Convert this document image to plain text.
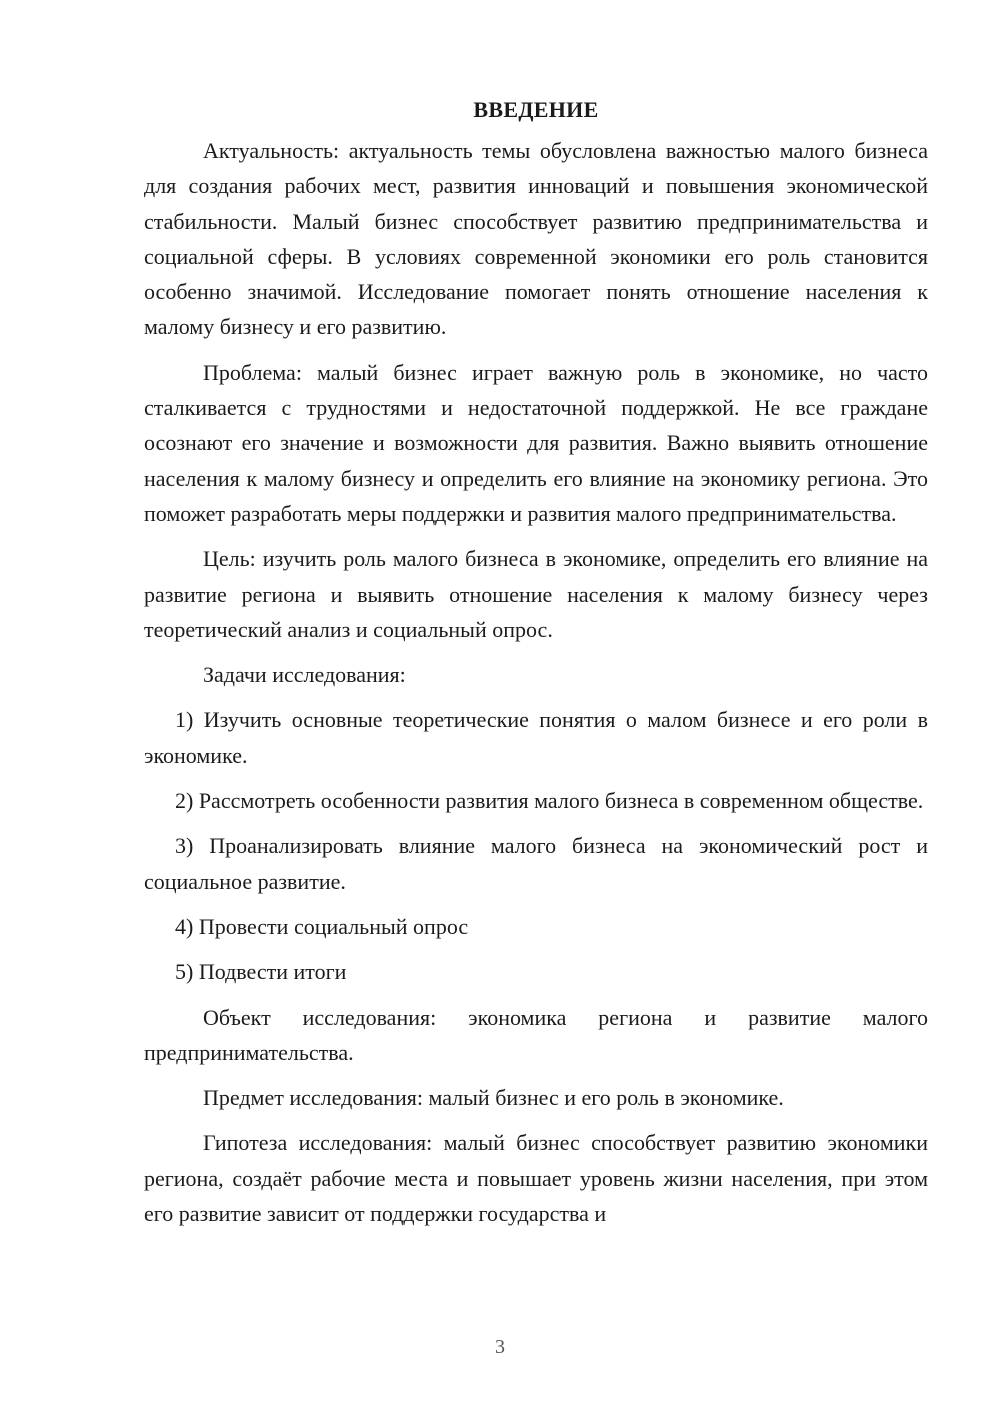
ВВЕДЕНИЕ

Актуальность: актуальность темы обусловлена важностью малого бизнеса для создания рабочих мест, развития инноваций и повышения экономической стабильности. Малый бизнес способствует развитию предпринимательства и социальной сферы. В условиях современной экономики его роль становится особенно значимой. Исследование помогает понять отношение населения к малому бизнесу и его развитию.

Проблема: малый бизнес играет важную роль в экономике, но часто сталкивается с трудностями и недостаточной поддержкой. Не все граждане осознают его значение и возможности для развития. Важно выявить отношение населения к малому бизнесу и определить его влияние на экономику региона. Это поможет разработать меры поддержки и развития малого предпринимательства.

Цель: изучить роль малого бизнеса в экономике, определить его влияние на развитие региона и выявить отношение населения к малому бизнесу через теоретический анализ и социальный опрос.

Задачи исследования:

1) Изучить основные теоретические понятия о малом бизнесе и его роли в экономике.

2) Рассмотреть особенности развития малого бизнеса в современном обществе.

3) Проанализировать влияние малого бизнеса на экономический рост и социальное развитие.

4) Провести социальный опрос

5) Подвести итоги

Объект исследования: экономика региона и развитие малого предпринимательства.

Предмет исследования: малый бизнес и его роль в экономике.

Гипотеза исследования: малый бизнес способствует развитию экономики региона, создаёт рабочие места и повышает уровень жизни населения, при этом его развитие зависит от поддержки государства и

3
